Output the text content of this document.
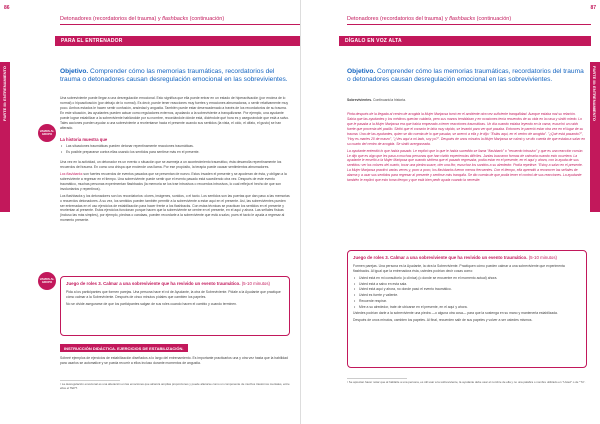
86
Detonadores (recordatorios del trauma) y flashbacks (continuación)
PARA EL ENTRENADOR
PARTE III: ENTRENAMIENTO	Objetivo. Comprender cómo las memorias traumáticas, recordatorios del trauma o detonadores causan desregulación emocional en las sobrevivientes.

Una sobreviviente puede llegar a una desregulación emocional. Esto significa que ella puede entrar en un estado de hiperactivación (por encima de lo normal) o hipoactivación (por debajo de lo normal). Es decir, puede tener reacciones muy fuertes y emociones abrumadoras, o sentir relativamente muy poco. Ambos estados le hacen sentir confusión, ansiedad y angustia. También puede estar desencadenado a través de los recordatorios de su trauma. En este situación, las ayudantes pueden actuar como reguladores externos, ayudando a la sobreviviente a tranquilizarse. Por ejemplo, una ayudante puede lograr estabilizar a la sobreviviente hablándole por su nombre, recordándole dónde está, diciéndole qué hora es y asegurándole que está a salvo. Tales acciones pueden ayudar a una sobreviviente a reorientarse hacia el presente cuando sus sentidos (la vista, el oído, el olfato, el gusto) se han alterado.

VAMOS AL GRUPO
La historia muestra que
• Las situaciones traumáticas pueden detonar repentinamente reacciones traumáticas.
• Es posible prepararse contra ellas usando los sentidos para sentirse más en el presente.

Una vez en la actividad, un detonador es un evento o situación que se asemeja a un acontecimiento traumático, ésta desarrolla repentinamente los recuerdos del trauma. En como una chispa que enciende una llama. Por ese propósito, la terapia puede causar sentimientos abrumadores.

Los flashbacks son fuertes recuerdos de eventos pasados que se presentan de nuevo. Estos invaden el presente y se apoderan de ésta, y obligan a la sobreviviente a regresar en el tiempo. Una sobreviviente puede sentir que el evento pasado está sucediendo otra vez. Después de este evento traumático, muchas personas experimentan flashbacks (la memoria se los trae intrusivos o recuerdos intrusivos, lo cual refleja el hecho de que son involuntarios y repentinos).

Los flashbacks y los detonadores son los recordatorios: olores, imágenes, sonidos, o el tacto. Los sentidos son las puertas que dan paso a las memorias o recuerdos detonadores. A su vez, los sentidos pueden también permitir a la sobreviviente a estar aquí en el presente. Así, las sobrevivientes pueden ser entrenadas en el uso ejercicios de estabilización para hacer frente a los flashbacks. Con estas técnicas se practican los sentidos en el presente y reorientan al presente. Estos ejercicios funcionan porque hacen que la sobreviviente se centre en el presente, en el aquí y ahora. Las señales físicas (incluso las más simples), por ejemplo, piedras o candaas, pueden recordarle a la sobreviviente que está a salvo, pues el tacto le ayuda a regresar al momento presente.

VAMOS AL GRUPO	Juego de roles 3. Calmar a una sobreviviente que ha revivido un evento traumático. (5-10 minutos)

Pida a los participantes que formen parejas. Una persona hace el rol de Ayudante, la otra de Sobreviviente. Pídale a la Ayudante que practique cómo calmar a la Sobreviviente. Después de cinco minutos pídales que cambien los papeles.

No se olvide asegurarse de que los participantes salgan de sus roles cuando hacen el cambio y cuando terminen.

INSTRUCCIÓN DIDÁCTICA. EJERCICIOS DE ESTABILIZACIÓN.

Sóbreé ejemplos de ejercicios de estabilización diseñados a lo largo del entrenamiento. Es importante practicarlos una y otra vez hasta que la habilidad para usarlos se automatice y se pueda recurrir a ellos incluso durante momentos de angustia.

¹ La desregulación emocional es una alteración en las emociones que alcanza amplias proporciones y puede alterarse como un componente de muchos trastornos mentales, entre ellos el TEPT.
87
Detonadores (recordatorios del trauma) y flashbacks (continuación)
DÍGALO EN VOZ ALTA
PARTE III: ENTRENAMIENTO
Objetivo. Comprender cómo las memorias traumáticas, recordatorios del trauma o detonadores causan desregulación emocional en las sobrevivientes.

Sobrevivientes. Continuará la historia.

Pinta después de la llegada al centro de acogida la Mujer Mariposa tomó en el ambiente otra vez suficiente tranquilidad. Aunque estaba mal su relación. Sabía que las ayudantes y los médicos querían cuidarla, pero sus manos temblaban y en ocasiones tenía recuerdos de su vida en la casa y sintió miedo. Lo que le pasaba a la Mujer Mariposa era que había empezado a tener reacciones traumáticas. Un día cuando estaba leyendo en la cama, escuchó un ruido fuerte que provenía del pasillo. Sintió que el corazón le latía muy rápido, se levantó para ver qué pasaba. Entonces le pareció estar otra vez en el lugar de su trauma. Una de las ayudantes, quien se dio cuenta de lo que pasaba, se acercó a ella y le dijo: "Estás aquí, en el centro de acogida". "¿Qué está pasando?", "Hoy es martes 20 de marzo", "¿Ves aquí a mi lado, soy yo?". Después de unos minutos la Mujer Mariposa se calmó y se dio cuenta de que estaba a salvo en su cuarto del centro de acogida. Se sintió avergonzada.

La ayudante entendió lo que había pasado. Le explicó que lo que le había sucedido se llama "flashback" o "recuerdo intrusivo" y que es una reacción común. Le dijo que es algo que les pasa a muchas personas que han vivido experiencias difíciles. Juntas buscaron formas de calmarla cuando esto ocurriera. La ayudante le enseñó a la Mujer Mariposa que cuando sintiera que el pasado regresaba, podía estar en el presente, en el aquí y ahora, con la ayuda de sus sentidos: ver los colores del cuarto, tocar una piedra suave, oler una flor, escuchar los sonidos a su alrededor. Podía repetirse: "Estoy a salvo en el presente. La Mujer Mariposa practicó varias veces y, poco a poco, los flashbacks fueron menos frecuentes. Con el tiempo, ella aprendió a reconocer las señales de alarma y a usar sus sentidos para regresar al presente y sentirse más tranquila. Se dio cuenta de que podía tener el control de sus reacciones. La ayudante también le explicó que esto toma tiempo y que está bien pedir ayuda cuando la necesite.

Juego de roles 3. Calmar a una sobreviviente que ha revivido un evento traumático. (5-10 minutos)

Formen parejas. Una persona es la Ayudante, la otra la Sobreviviente. Practiquen cómo pueden calmar a una sobreviviente que experimenta flashbacks. Al igual que la entrenadora ésta, ustedes podrían decir cosas como:

• Usted está en mi consultorio (o clínica) (o donde se encuentre en el momento actual) ahora.
• Usted está a salvo en esta sala.
• Usted está aquí y ahora, no donde pasó el evento traumático.
• Usted es fuerte y valiente.
• Recuerde respirar.
• Mire a su alrededor, trate de ubicarse en el presente, en el aquí y ahora.

Ustedes podrían darle a la sobreviviente una piedra —o alguna otra cosa— para que la sostenga en su mano y mantenerla estabilizada.

Después de unos minutos, cambien los papeles. Al final, recuerden salir de sus papeles y volver a ser ustedes mismos.

¹ Se aprecian hacer notar que al hablarle a una persona, es útil usar a la sobreviviente, la ayudante debe usar el nombre de ella y no una palabra o nombre utilizado en "Usted" o de "Tú".
